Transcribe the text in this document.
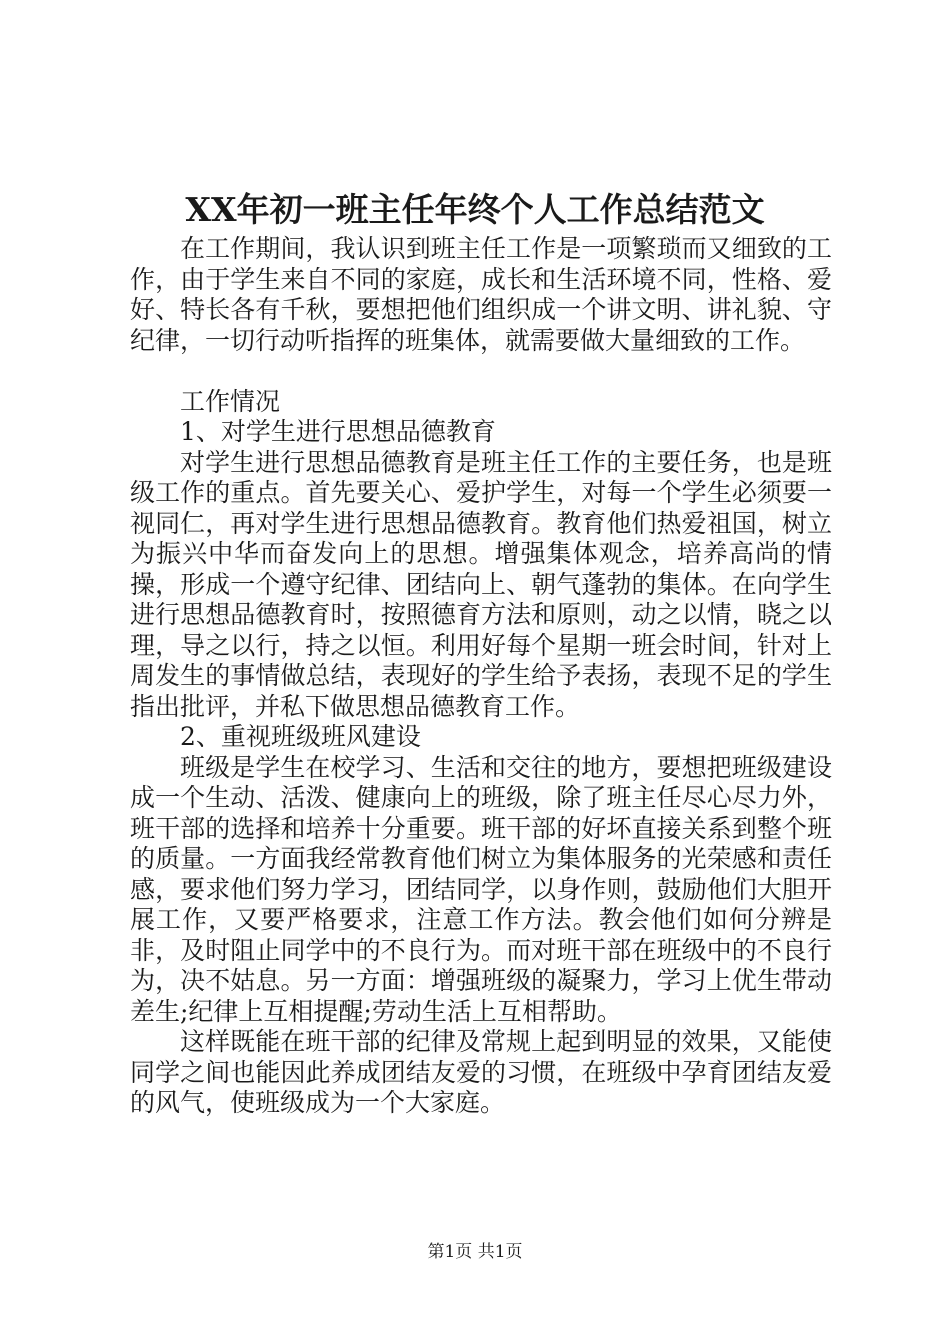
XX年初一班主任年终个人工作总结范文

在工作期间，我认识到班主任工作是一项繁琐而又细致的工作，由于学生来自不同的家庭，成长和生活环境不同，性格、爱好、特长各有千秋，要想把他们组织成一个讲文明、讲礼貌、守纪律，一切行动听指挥的班集体，就需要做大量细致的工作。

工作情况

1、对学生进行思想品德教育

对学生进行思想品德教育是班主任工作的主要任务，也是班级工作的重点。首先要关心、爱护学生，对每一个学生必须要一视同仁，再对学生进行思想品德教育。教育他们热爱祖国，树立为振兴中华而奋发向上的思想。增强集体观念，培养高尚的情操，形成一个遵守纪律、团结向上、朝气蓬勃的集体。在向学生进行思想品德教育时，按照德育方法和原则，动之以情，晓之以理，导之以行，持之以恒。利用好每个星期一班会时间，针对上周发生的事情做总结，表现好的学生给予表扬，表现不足的学生指出批评，并私下做思想品德教育工作。

2、重视班级班风建设

班级是学生在校学习、生活和交往的地方，要想把班级建设成一个生动、活泼、健康向上的班级，除了班主任尽心尽力外，班干部的选择和培养十分重要。班干部的好坏直接关系到整个班的质量。一方面我经常教育他们树立为集体服务的光荣感和责任感，要求他们努力学习，团结同学，以身作则，鼓励他们大胆开展工作，又要严格要求，注意工作方法。教会他们如何分辨是非，及时阻止同学中的不良行为。而对班干部在班级中的不良行为，决不姑息。另一方面：增强班级的凝聚力，学习上优生带动差生;纪律上互相提醒;劳动生活上互相帮助。

这样既能在班干部的纪律及常规上起到明显的效果，又能使同学之间也能因此养成团结友爱的习惯，在班级中孕育团结友爱的风气，使班级成为一个大家庭。

第1页 共1页
